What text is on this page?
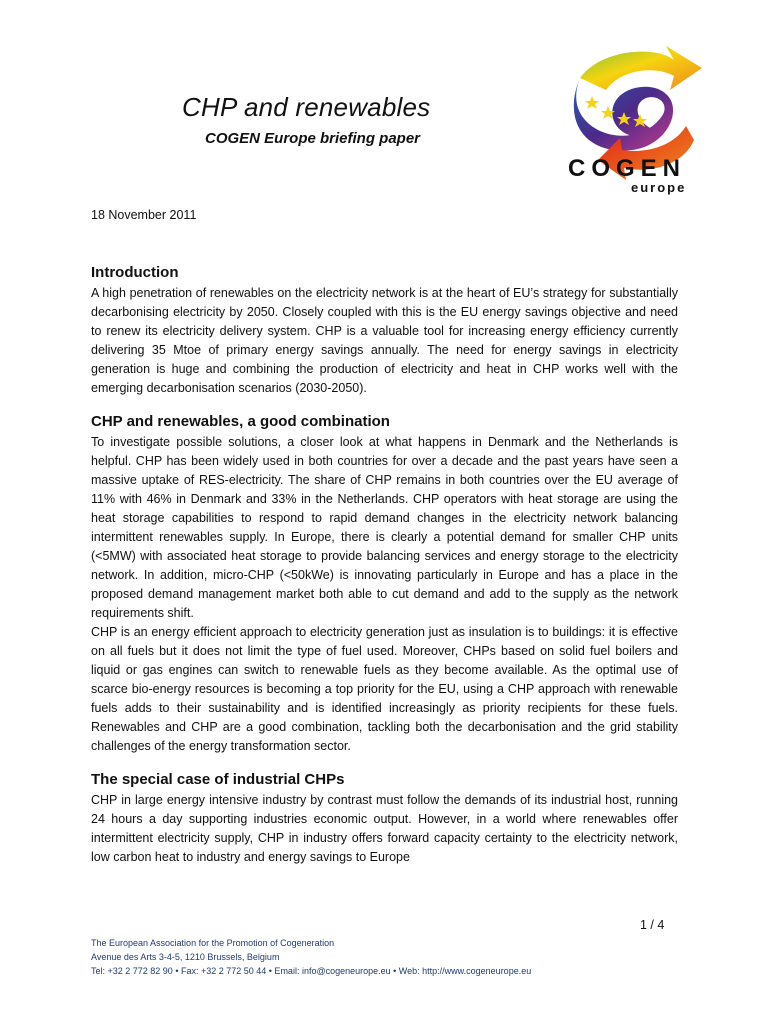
CHP and renewables
COGEN Europe briefing paper
COGEN
europe
18 November 2011
Introduction

A high penetration of renewables on the electricity network is at the heart of EU’s strategy for substantially decarbonising electricity by 2050. Closely coupled with this is the EU energy savings objective and need to renew its electricity delivery system. CHP is a valuable tool for increasing energy efficiency currently delivering 35 Mtoe of primary energy savings annually. The need for energy savings in electricity generation is huge and combining the production of electricity and heat in CHP works well with the emerging decarbonisation scenarios (2030-2050).

CHP and renewables, a good combination

To investigate possible solutions, a closer look at what happens in Denmark and the Netherlands is helpful. CHP has been widely used in both countries for over a decade and the past years have seen a massive uptake of RES-electricity. The share of CHP remains in both countries over the EU average of 11% with 46% in Denmark and 33% in the Netherlands. CHP operators with heat storage are using the heat storage capabilities to respond to rapid demand changes in the electricity network balancing intermittent renewables supply. In Europe, there is clearly a potential demand for smaller CHP units (<5MW) with associated heat storage to provide balancing services and energy storage to the electricity network. In addition, micro-CHP (<50kWe) is innovating particularly in Europe and has a place in the proposed demand management market both able to cut demand and add to the supply as the network requirements shift.

CHP is an energy efficient approach to electricity generation just as insulation is to buildings: it is effective on all fuels but it does not limit the type of fuel used. Moreover, CHPs based on solid fuel boilers and liquid or gas engines can switch to renewable fuels as they become available. As the optimal use of scarce bio-energy resources is becoming a top priority for the EU, using a CHP approach with renewable fuels adds to their sustainability and is identified increasingly as priority recipients for these fuels. Renewables and CHP are a good combination, tackling both the decarbonisation and the grid stability challenges of the energy transformation sector.

The special case of industrial CHPs

CHP in large energy intensive industry by contrast must follow the demands of its industrial host, running 24 hours a day supporting industries economic output. However, in a world where renewables offer intermittent electricity supply, CHP in industry offers forward capacity certainty to the electricity network, low carbon heat to industry and energy savings to Europe

1 / 4
The European Association for the Promotion of Cogeneration
Avenue des Arts 3-4-5, 1210 Brussels, Belgium
Tel: +32 2 772 82 90 • Fax: +32 2 772 50 44 • Email: info@cogeneurope.eu • Web: http://www.cogeneurope.eu
